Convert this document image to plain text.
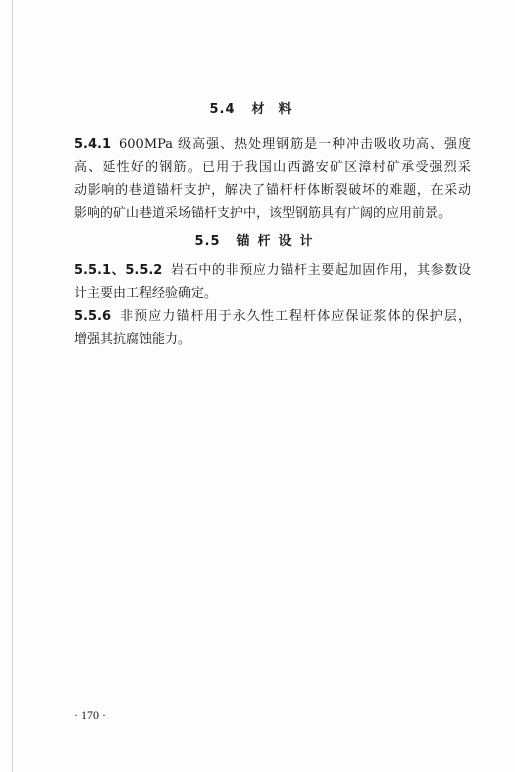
5.4 材料
5.4.1 600MPa 级高强、热处理钢筋是一种冲击吸收功高、强度
高、延性好的钢筋。已用于我国山西潞安矿区漳村矿承受强烈采
动影响的巷道锚杆支护，解决了锚杆杆体断裂破坏的难题，在采动
影响的矿山巷道采场锚杆支护中，该型钢筋具有广阔的应用前景。
5.5 锚杆设计
5.5.1、5.5.2 岩石中的非预应力锚杆主要起加固作用，其参数设
计主要由工程经验确定。
5.5.6 非预应力锚杆用于永久性工程杆体应保证浆体的保护层，
增强其抗腐蚀能力。
· 170 ·
